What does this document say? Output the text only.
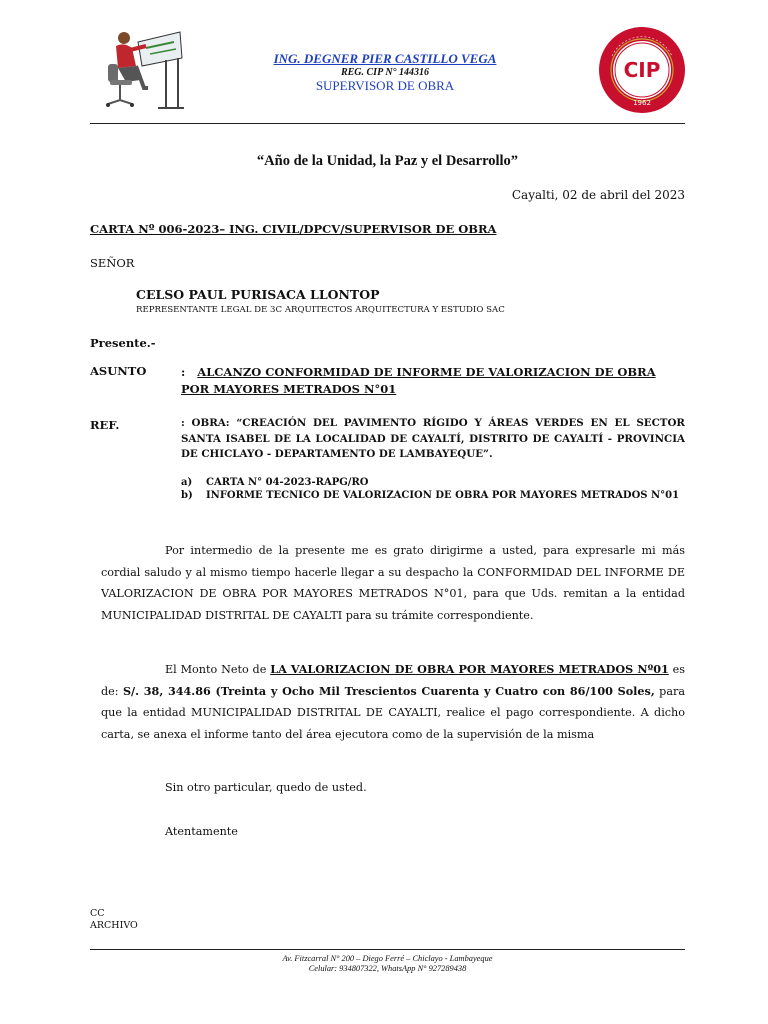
ING. DEGNER PIER CASTILLO VEGA
REG. CIP N° 144316
SUPERVISOR DE OBRA
CIP
1962
“Año de la Unidad, la Paz y el Desarrollo”
Cayalti, 02 de abril del 2023
CARTA Nº 006-2023– ING. CIVIL/DPCV/SUPERVISOR DE OBRA
SEÑOR
CELSO PAUL PURISACA LLONTOP
REPRESENTANTE LEGAL DE 3C ARQUITECTOS ARQUITECTURA Y ESTUDIO SAC
Presente.-
ASUNTO	: ALCANZO CONFORMIDAD DE INFORME DE VALORIZACION DE OBRA
POR MAYORES METRADOS N°01
REF.	: OBRA: “CREACIÓN DEL PAVIMENTO RÍGIDO Y ÁREAS VERDES EN EL SECTOR SANTA ISABEL DE LA LOCALIDAD DE CAYALTÍ, DISTRITO DE CAYALTÍ - PROVINCIA DE CHICLAYO - DEPARTAMENTO DE LAMBAYEQUE”.
a) CARTA N° 04-2023-RAPG/RO
b) INFORME TECNICO DE VALORIZACION DE OBRA POR MAYORES METRADOS N°01
Por intermedio de la presente me es grato dirigirme a usted, para expresarle mi más cordial saludo y al mismo tiempo hacerle llegar a su despacho la CONFORMIDAD DEL INFORME DE VALORIZACION DE OBRA POR MAYORES METRADOS N°01, para que Uds. remitan a la entidad MUNICIPALIDAD DISTRITAL DE CAYALTI para su trámite correspondiente.
El Monto Neto de LA VALORIZACION DE OBRA POR MAYORES METRADOS Nº01 es de: S/. 38, 344.86 (Treinta y Ocho Mil Trescientos Cuarenta y Cuatro con 86/100 Soles, para que la entidad MUNICIPALIDAD DISTRITAL DE CAYALTI, realice el pago correspondiente. A dicho carta, se anexa el informe tanto del área ejecutora como de la supervisión de la misma
Sin otro particular, quedo de usted.
Atentamente
CC
ARCHIVO
Av. Fitzcarral N° 200 – Diego Ferré – Chiclayo - Lambayeque
Celular: 934807322, WhatsApp N° 927289438
